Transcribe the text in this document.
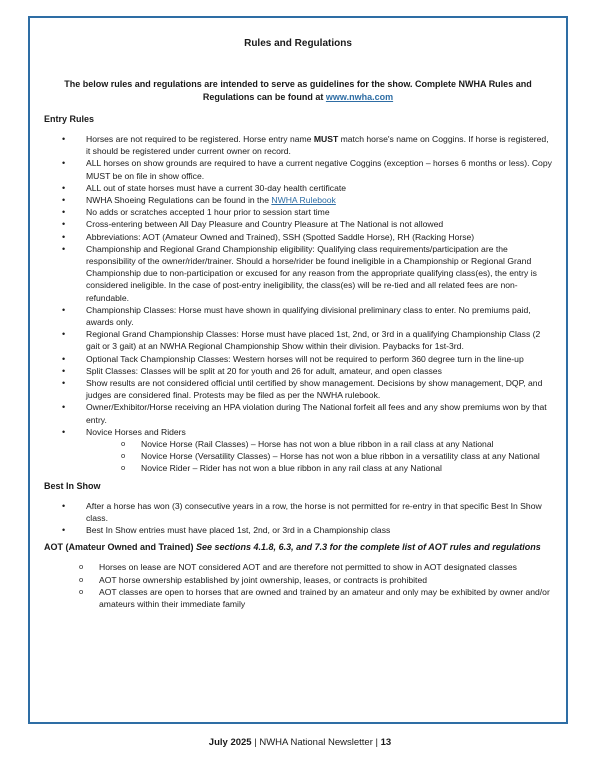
Rules and Regulations
The below rules and regulations are intended to serve as guidelines for the show. Complete NWHA Rules and Regulations can be found at www.nwha.com
Entry Rules
• Horses are not required to be registered. Horse entry name MUST match horse's name on Coggins. If horse is registered, it should be registered under current owner on record.
• ALL horses on show grounds are required to have a current negative Coggins (exception – horses 6 months or less). Copy MUST be on file in show office.
• ALL out of state horses must have a current 30-day health certificate
• NWHA Shoeing Regulations can be found in the NWHA Rulebook
• No adds or scratches accepted 1 hour prior to session start time
• Cross-entering between All Day Pleasure and Country Pleasure at The National is not allowed
• Abbreviations: AOT (Amateur Owned and Trained), SSH (Spotted Saddle Horse), RH (Racking Horse)
• Championship and Regional Grand Championship eligibility: Qualifying class requirements/participation are the responsibility of the owner/rider/trainer. Should a horse/rider be found ineligible in a Championship or Regional Grand Championship due to non-participation or excused for any reason from the appropriate qualifying class(es), the entry is considered ineligible. In the case of post-entry ineligibility, the class(es) will be re-tied and all related fees are non-refundable.
• Championship Classes: Horse must have shown in qualifying divisional preliminary class to enter. No premiums paid, awards only.
• Regional Grand Championship Classes: Horse must have placed 1st, 2nd, or 3rd in a qualifying Championship Class (2 gait or 3 gait) at an NWHA Regional Championship Show within their division. Paybacks for 1st-3rd.
• Optional Tack Championship Classes: Western horses will not be required to perform 360 degree turn in the line-up
• Split Classes: Classes will be split at 20 for youth and 26 for adult, amateur, and open classes
• Show results are not considered official until certified by show management. Decisions by show management, DQP, and judges are considered final. Protests may be filed as per the NWHA rulebook.
• Owner/Exhibitor/Horse receiving an HPA violation during The National forfeit all fees and any show premiums won by that entry.
• Novice Horses and Riders
o Novice Horse (Rail Classes) – Horse has not won a blue ribbon in a rail class at any National
o Novice Horse (Versatility Classes) – Horse has not won a blue ribbon in a versatility class at any National
o Novice Rider – Rider has not won a blue ribbon in any rail class at any National
Best In Show
• After a horse has won (3) consecutive years in a row, the horse is not permitted for re-entry in that specific Best In Show class.
• Best In Show entries must have placed 1st, 2nd, or 3rd in a Championship class
AOT (Amateur Owned and Trained) See sections 4.1.8, 6.3, and 7.3 for the complete list of AOT rules and regulations
o Horses on lease are NOT considered AOT and are therefore not permitted to show in AOT designated classes
o AOT horse ownership established by joint ownership, leases, or contracts is prohibited
o AOT classes are open to horses that are owned and trained by an amateur and only may be exhibited by owner and/or amateurs within their immediate family
July 2025 | NWHA National Newsletter | 13
